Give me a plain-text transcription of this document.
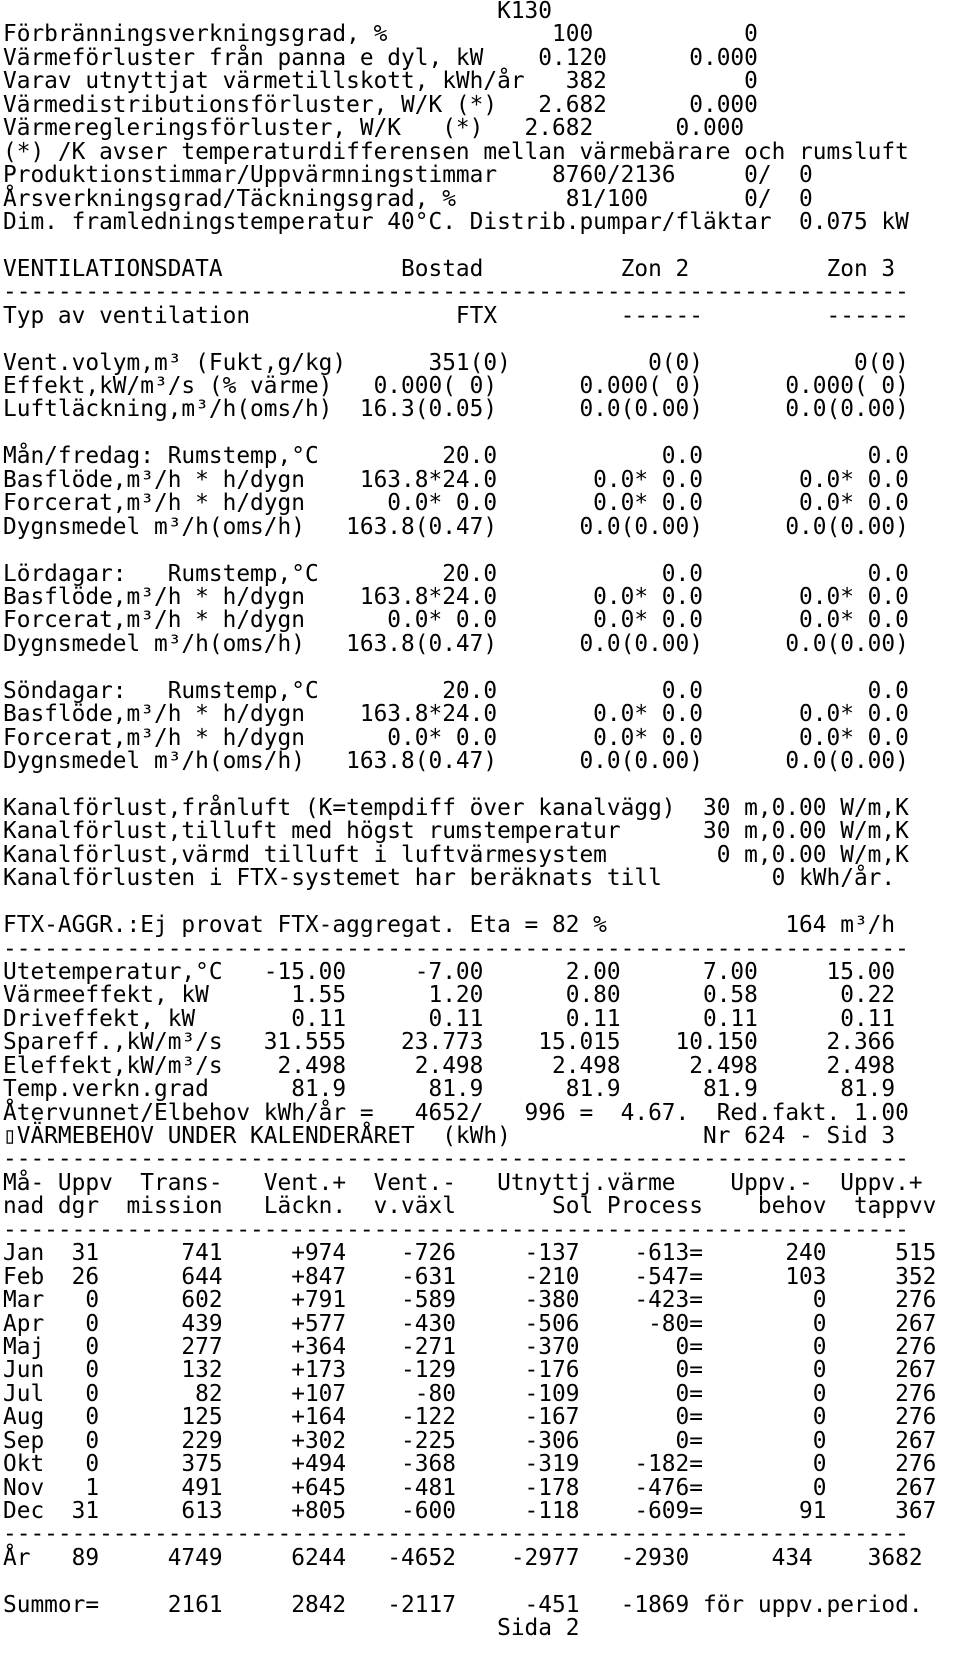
K130
Förbränningsverkningsgrad, %            100           0
Värmeförluster från panna e dyl, kW    0.120      0.000
Varav utnyttjat värmetillskott, kWh/år   382          0
Värmedistributionsförluster, W/K (*)   2.682      0.000
Värmeregleringsförluster, W/K   (*)   2.682      0.000
(*) /K avser temperaturdifferensen mellan värmebärare och rumsluft
Produktionstimmar/Uppvärmningstimmar    8760/2136     0/  0
Årsverkningsgrad/Täckningsgrad, %        81/100       0/  0
Dim. framledningstemperatur 40°C. Distrib.pumpar/fläktar  0.075 kW
VENTILATIONSDATA             Bostad          Zon 2          Zon 3
------------------------------------------------------------------
Typ av ventilation               FTX         ------         ------
Vent.volym,m³ (Fukt,g/kg)      351(0)          0(0)           0(0)
Effekt,kW/m³/s (% värme)   0.000( 0)      0.000( 0)      0.000( 0)
Luftläckning,m³/h(oms/h)  16.3(0.05)      0.0(0.00)      0.0(0.00)
Mån/fredag: Rumstemp,°C         20.0            0.0            0.0
Basflöde,m³/h * h/dygn    163.8*24.0       0.0* 0.0       0.0* 0.0
Forcerat,m³/h * h/dygn      0.0* 0.0       0.0* 0.0       0.0* 0.0
Dygnsmedel m³/h(oms/h)   163.8(0.47)      0.0(0.00)      0.0(0.00)
Lördagar:   Rumstemp,°C         20.0            0.0            0.0
Basflöde,m³/h * h/dygn    163.8*24.0       0.0* 0.0       0.0* 0.0
Forcerat,m³/h * h/dygn      0.0* 0.0       0.0* 0.0       0.0* 0.0
Dygnsmedel m³/h(oms/h)   163.8(0.47)      0.0(0.00)      0.0(0.00)
Söndagar:   Rumstemp,°C         20.0            0.0            0.0
Basflöde,m³/h * h/dygn    163.8*24.0       0.0* 0.0       0.0* 0.0
Forcerat,m³/h * h/dygn      0.0* 0.0       0.0* 0.0       0.0* 0.0
Dygnsmedel m³/h(oms/h)   163.8(0.47)      0.0(0.00)      0.0(0.00)
Kanalförlust,frånluft (K=tempdiff över kanalvägg)  30 m,0.00 W/m,K
Kanalförlust,tilluft med högst rumstemperatur      30 m,0.00 W/m,K
Kanalförlust,värmd tilluft i luftvärmesystem        0 m,0.00 W/m,K
Kanalförlusten i FTX-systemet har beräknats till        0 kWh/år.
FTX-AGGR.:Ej provat FTX-aggregat. Eta = 82 %             164 m³/h
------------------------------------------------------------------
Utetemperatur,°C   -15.00     -7.00      2.00      7.00     15.00
Värmeeffekt, kW      1.55      1.20      0.80      0.58      0.22
Driveffekt, kW       0.11      0.11      0.11      0.11      0.11
Spareff.,kW/m³/s   31.555    23.773    15.015    10.150     2.366
Eleffekt,kW/m³/s    2.498     2.498     2.498     2.498     2.498
Temp.verkn.grad      81.9      81.9      81.9      81.9      81.9
Återvunnet/Elbehov kWh/år =   4652/   996 =  4.67.  Red.fakt. 1.00
▯VÄRMEBEHOV UNDER KALENDERÅRET  (kWh)              Nr 624 - Sid 3
------------------------------------------------------------------
Må- Uppv  Trans-   Vent.+  Vent.-   Utnyttj.värme    Uppv.-  Uppv.+
nad dgr  mission   Läckn.  v.växl       Sol Process    behov  tappvv
------------------------------------------------------------------
Jan  31      741     +974    -726     -137    -613=      240     515
Feb  26      644     +847    -631     -210    -547=      103     352
Mar   0      602     +791    -589     -380    -423=        0     276
Apr   0      439     +577    -430     -506     -80=        0     267
Maj   0      277     +364    -271     -370       0=        0     276
Jun   0      132     +173    -129     -176       0=        0     267
Jul   0       82     +107     -80     -109       0=        0     276
Aug   0      125     +164    -122     -167       0=        0     276
Sep   0      229     +302    -225     -306       0=        0     267
Okt   0      375     +494    -368     -319    -182=        0     276
Nov   1      491     +645    -481     -178    -476=        0     267
Dec  31      613     +805    -600     -118    -609=       91     367
------------------------------------------------------------------
År   89     4749     6244   -4652    -2977   -2930      434    3682
Summor=     2161     2842   -2117     -451   -1869 för uppv.period.
Sida 2
